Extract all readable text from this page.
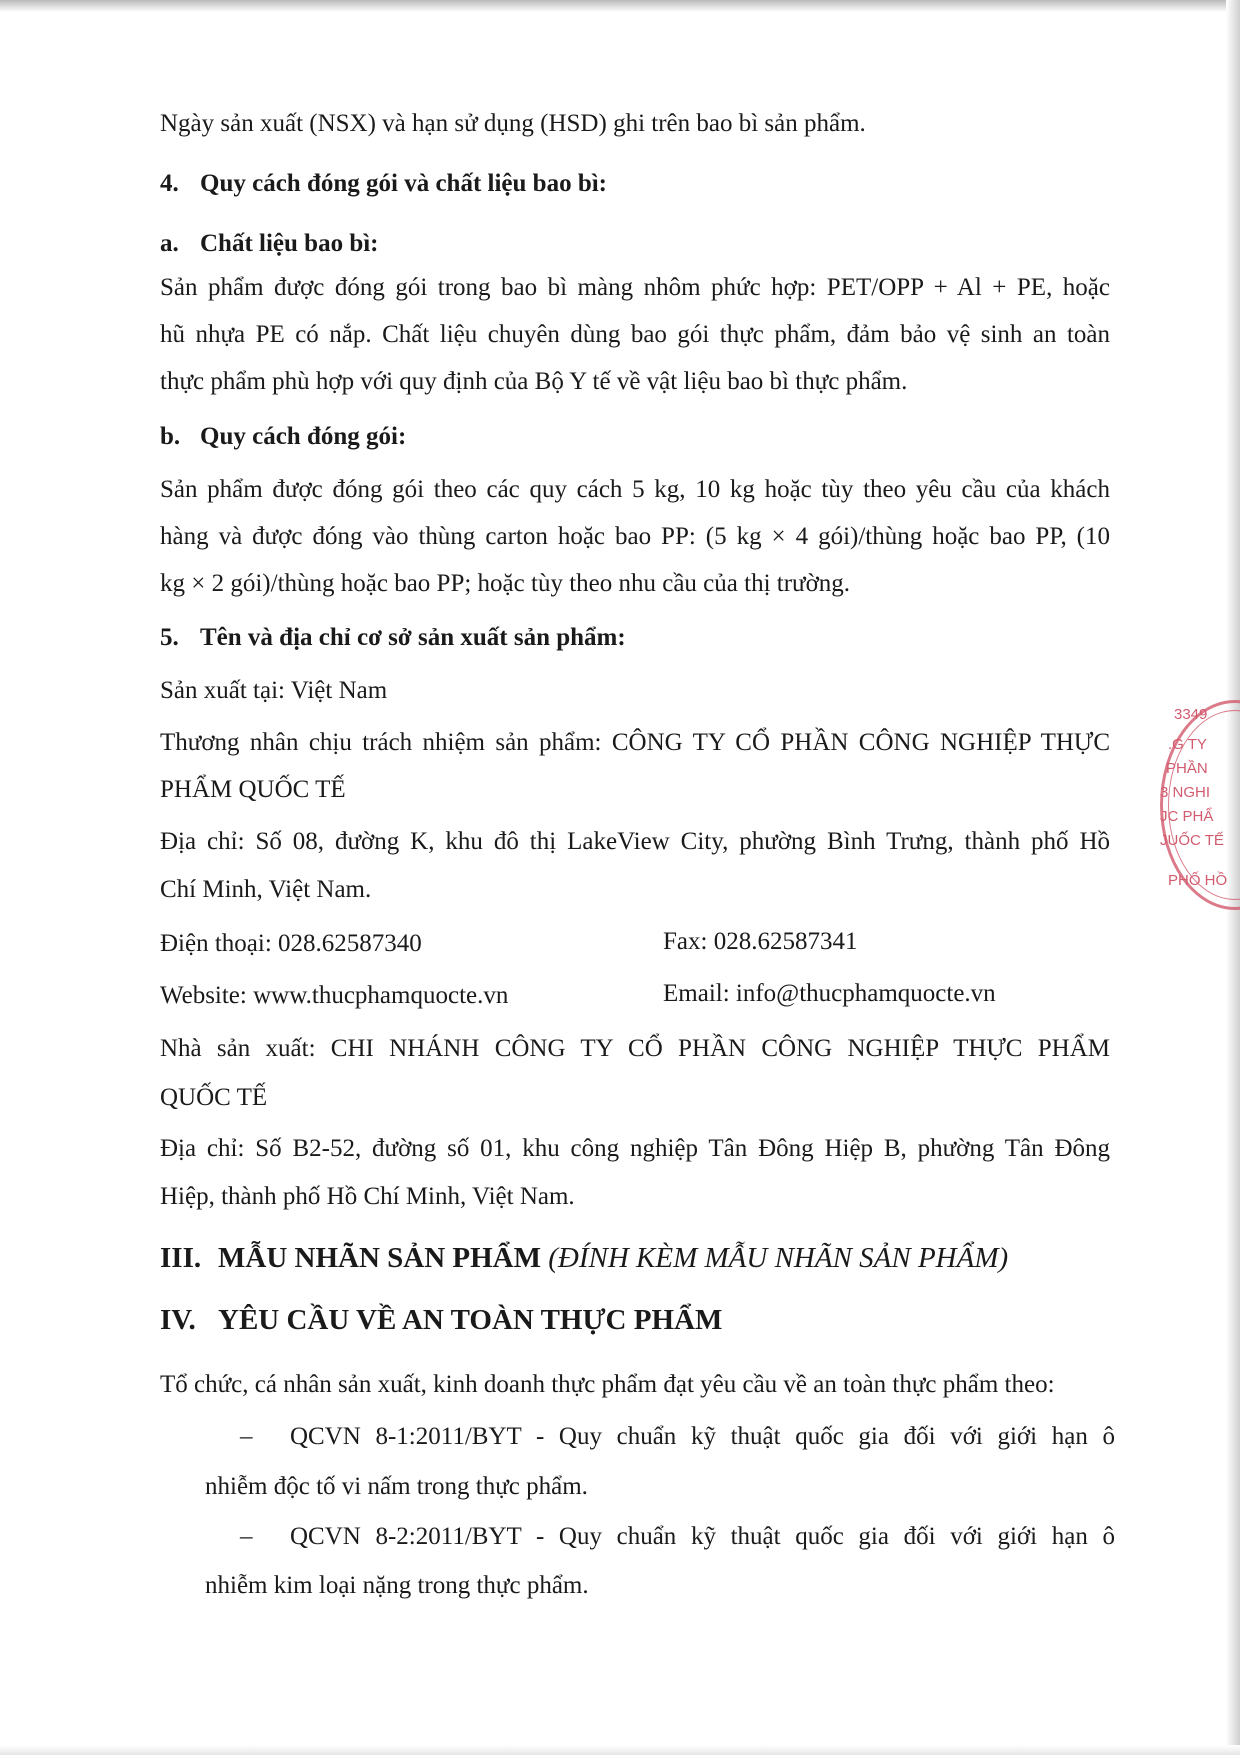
Ngày sản xuất (NSX) và hạn sử dụng (HSD) ghi trên bao bì sản phẩm.

4. Quy cách đóng gói và chất liệu bao bì:

a. Chất liệu bao bì:

Sản phẩm được đóng gói trong bao bì màng nhôm phức hợp: PET/OPP + Al + PE, hoặc

hũ nhựa PE có nắp. Chất liệu chuyên dùng bao gói thực phẩm, đảm bảo vệ sinh an toàn

thực phẩm phù hợp với quy định của Bộ Y tế về vật liệu bao bì thực phẩm.

b. Quy cách đóng gói:

Sản phẩm được đóng gói theo các quy cách 5 kg, 10 kg hoặc tùy theo yêu cầu của khách

hàng và được đóng vào thùng carton hoặc bao PP: (5 kg × 4 gói)/thùng hoặc bao PP, (10

kg × 2 gói)/thùng hoặc bao PP; hoặc tùy theo nhu cầu của thị trường.

5. Tên và địa chỉ cơ sở sản xuất sản phẩm:

Sản xuất tại: Việt Nam

Thương nhân chịu trách nhiệm sản phẩm: CÔNG TY CỔ PHẦN CÔNG NGHIỆP THỰC

PHẨM QUỐC TẾ

Địa chỉ: Số 08, đường K, khu đô thị LakeView City, phường Bình Trưng, thành phố Hồ

Chí Minh, Việt Nam.

Điện thoại: 028.62587340	Fax: 028.62587341

Website: www.thucphamquocte.vn	Email: info@thucphamquocte.vn

Nhà sản xuất: CHI NHÁNH CÔNG TY CỔ PHẦN CÔNG NGHIỆP THỰC PHẨM

QUỐC TẾ

Địa chỉ: Số B2-52, đường số 01, khu công nghiệp Tân Đông Hiệp B, phường Tân Đông

Hiệp, thành phố Hồ Chí Minh, Việt Nam.

III. MẪU NHÃN SẢN PHẨM (ĐÍNH KÈM MẪU NHÃN SẢN PHẨM)

IV. YÊU CẦU VỀ AN TOÀN THỰC PHẨM

Tổ chức, cá nhân sản xuất, kinh doanh thực phẩm đạt yêu cầu về an toàn thực phẩm theo:

– QCVN 8-1:2011/BYT - Quy chuẩn kỹ thuật quốc gia đối với giới hạn ô

nhiễm độc tố vi nấm trong thực phẩm.

– QCVN 8-2:2011/BYT - Quy chuẩn kỹ thuật quốc gia đối với giới hạn ô

nhiễm kim loại nặng trong thực phẩm.

3349
.G TY
PHẦN
3 NGHI
JC PHẨ
JUỐC TẾ
PHỐ HỒ
